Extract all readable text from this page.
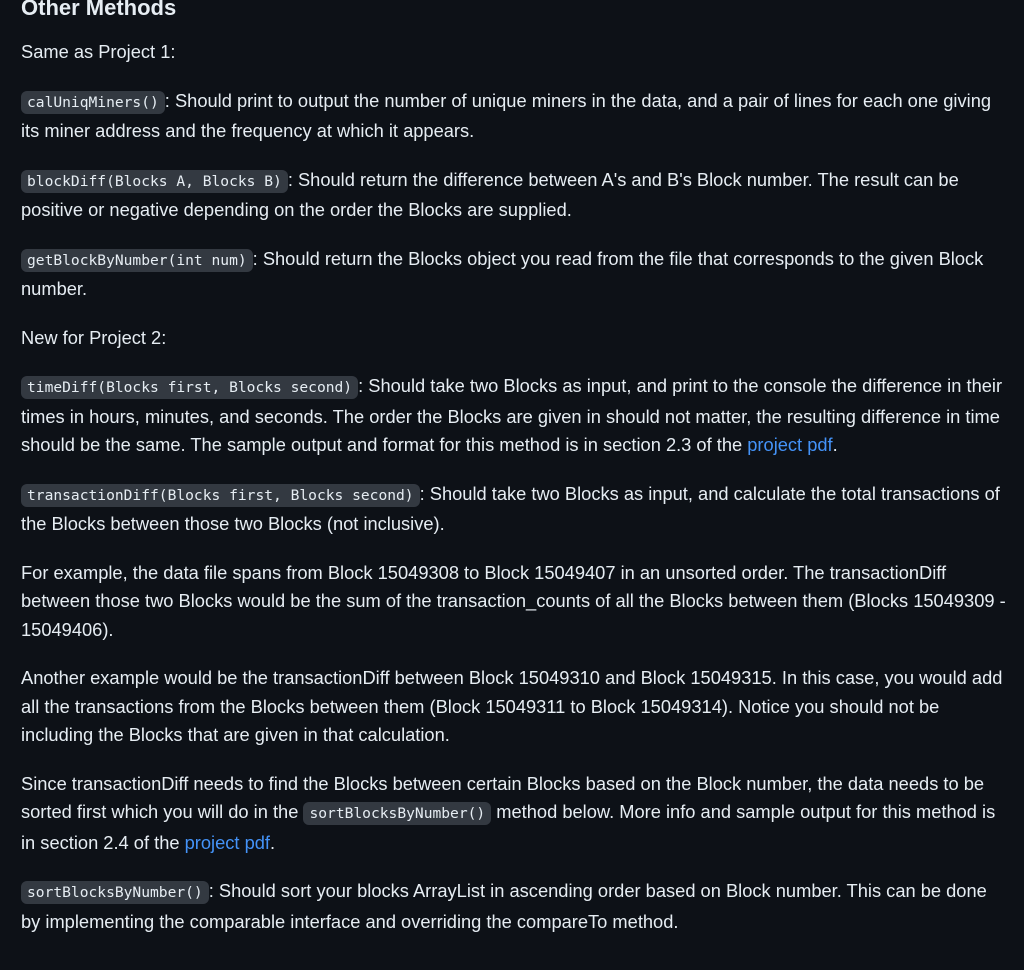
Other Methods

Same as Project 1:

calUniqMiners() : Should print to output the number of unique miners in the data, and a pair of lines for each one giving its miner address and the frequency at which it appears.

blockDiff(Blocks A, Blocks B) : Should return the difference between A's and B's Block number. The result can be positive or negative depending on the order the Blocks are supplied.

getBlockByNumber(int num) : Should return the Blocks object you read from the file that corresponds to the given Block number.

New for Project 2:

timeDiff(Blocks first, Blocks second) : Should take two Blocks as input, and print to the console the difference in their times in hours, minutes, and seconds. The order the Blocks are given in should not matter, the resulting difference in time should be the same. The sample output and format for this method is in section 2.3 of the project pdf.

transactionDiff(Blocks first, Blocks second) : Should take two Blocks as input, and calculate the total transactions of the Blocks between those two Blocks (not inclusive).

For example, the data file spans from Block 15049308 to Block 15049407 in an unsorted order. The transactionDiff between those two Blocks would be the sum of the transaction_counts of all the Blocks between them (Blocks 15049309 - 15049406).

Another example would be the transactionDiff between Block 15049310 and Block 15049315. In this case, you would add all the transactions from the Blocks between them (Block 15049311 to Block 15049314). Notice you should not be including the Blocks that are given in that calculation.

Since transactionDiff needs to find the Blocks between certain Blocks based on the Block number, the data needs to be sorted first which you will do in the sortBlocksByNumber() method below. More info and sample output for this method is in section 2.4 of the project pdf.

sortBlocksByNumber() : Should sort your blocks ArrayList in ascending order based on Block number. This can be done by implementing the comparable interface and overriding the compareTo method.
